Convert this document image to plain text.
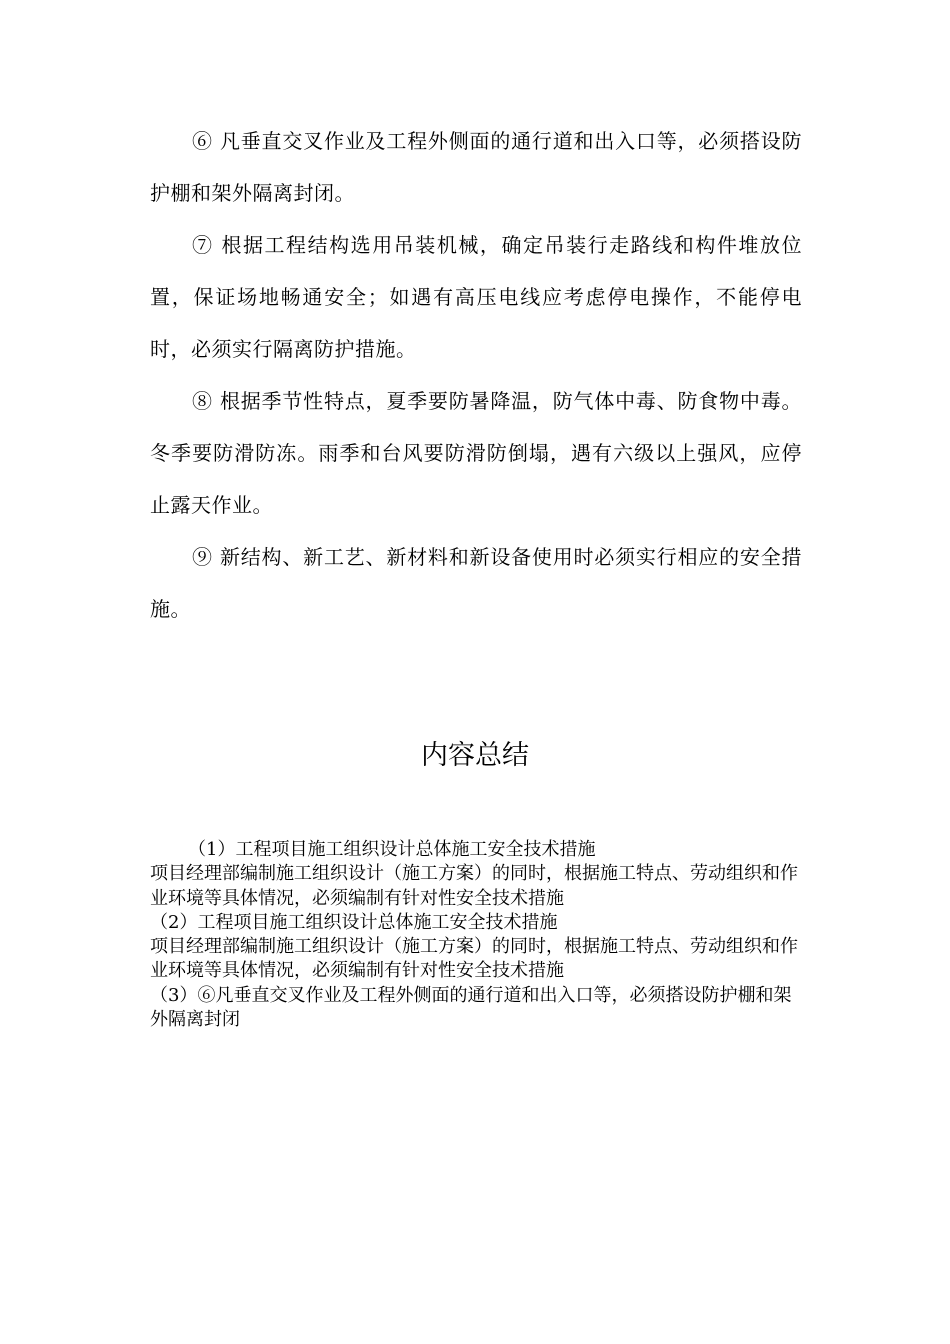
⑥ 凡垂直交叉作业及工程外侧面的通行道和出入口等，必须搭设防护棚和架外隔离封闭。

⑦ 根据工程结构选用吊装机械，确定吊装行走路线和构件堆放位置，保证场地畅通安全；如遇有高压电线应考虑停电操作，不能停电时，必须实行隔离防护措施。

⑧ 根据季节性特点，夏季要防暑降温，防气体中毒、防食物中毒。冬季要防滑防冻。雨季和台风要防滑防倒塌，遇有六级以上强风，应停止露天作业。

⑨ 新结构、新工艺、新材料和新设备使用时必须实行相应的安全措施。

内容总结

（1）工程项目施工组织设计总体施工安全技术措施

项目经理部编制施工组织设计（施工方案）的同时，根据施工特点、劳动组织和作业环境等具体情况，必须编制有针对性安全技术措施

（2）工程项目施工组织设计总体施工安全技术措施

项目经理部编制施工组织设计（施工方案）的同时，根据施工特点、劳动组织和作业环境等具体情况，必须编制有针对性安全技术措施

（3）⑥凡垂直交叉作业及工程外侧面的通行道和出入口等，必须搭设防护棚和架外隔离封闭
